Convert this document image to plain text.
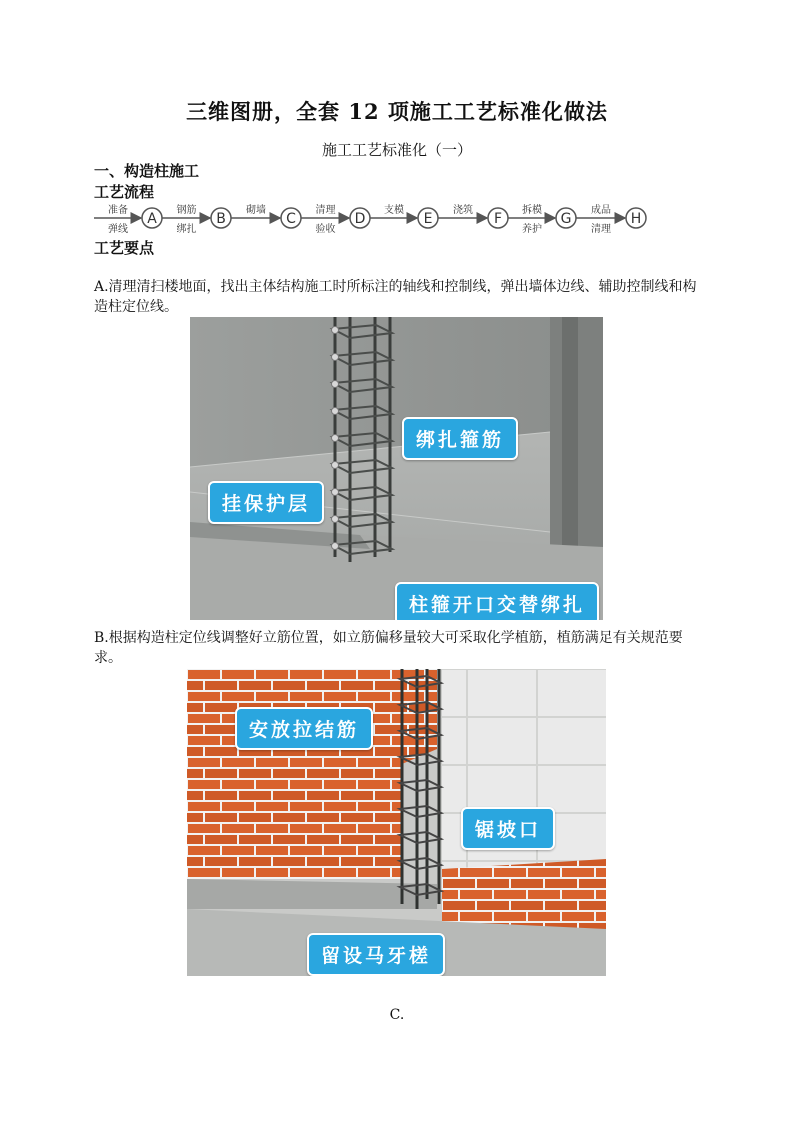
三维图册，全套 12 项施工工艺标准化做法
施工工艺标准化（一）
一、构造柱施工
工艺流程
准备
弹线
A
钢筋
绑扎
B
砌墙
C
清理
验收
D
支模
E
浇筑
F
拆模
养护
G
成品
清理
H
工艺要点
A.清理清扫楼地面，找出主体结构施工时所标注的轴线和控制线，弹出墙体边线、辅助控制线和构造柱定位线。
绑扎箍筋
挂保护层
柱箍开口交替绑扎
B.根据构造柱定位线调整好立筋位置，如立筋偏移量较大可采取化学植筋，植筋满足有关规范要求。
安放拉结筋
锯坡口
留设马牙槎
C.
